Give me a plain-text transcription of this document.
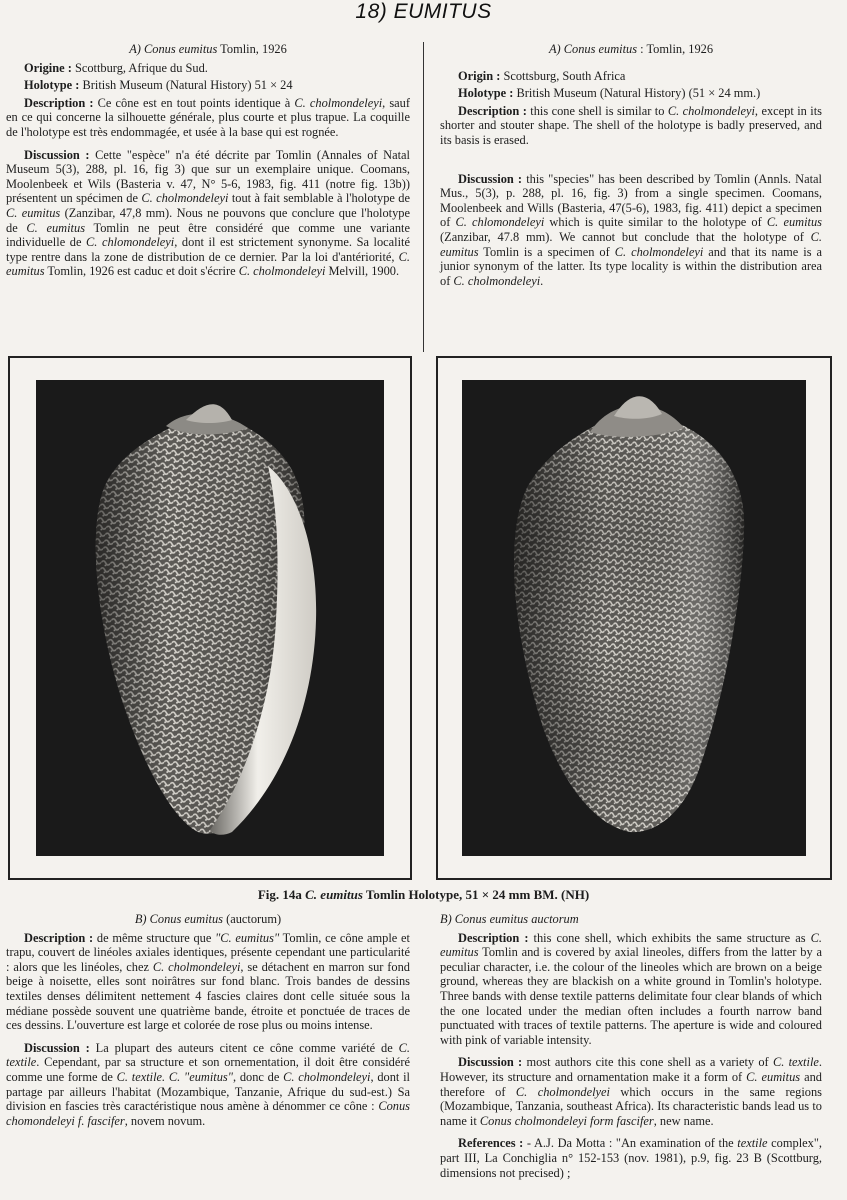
18) EUMITUS

A) Conus eumitus Tomlin, 1926

Origine : Scottburg, Afrique du Sud.

Holotype : British Museum (Natural History) 51 × 24

Description : Ce cône est en tout points identique à C. cholmondeleyi, sauf en ce qui concerne la silhouette générale, plus courte et plus trapue. La coquille de l'holotype est très endommagée, et usée à la base qui est rognée.

Discussion : Cette "espèce" n'a été décrite par Tomlin (Annales of Natal Museum 5(3), 288, pl. 16, fig 3) que sur un exemplaire unique. Coomans, Moolenbeek et Wils (Basteria v. 47, N° 5-6, 1983, fig. 411 (notre fig. 13b)) présentent un spécimen de C. cholmondeleyi tout à fait semblable à l'holotype de C. eumitus (Zanzibar, 47,8 mm). Nous ne pouvons que conclure que l'holotype de C. eumitus Tomlin ne peut être considéré que comme une variante individuelle de C. chlomondeleyi, dont il est strictement synonyme. Sa localité type rentre dans la zone de distribution de ce dernier. Par la loi d'antériorité, C. eumitus Tomlin, 1926 est caduc et doit s'écrire C. cholmondeleyi Melvill, 1900.

A) Conus eumitus : Tomlin, 1926

Origin : Scottsburg, South Africa

Holotype : British Museum (Natural History) (51 × 24 mm.)

Description : this cone shell is similar to C. cholmondeleyi, except in its shorter and stouter shape. The shell of the holotype is badly preserved, and its basis is erased.

Discussion : this "species" has been described by Tomlin (Annls. Natal Mus., 5(3), p. 288, pl. 16, fig. 3) from a single specimen. Coomans, Moolenbeek and Wills (Basteria, 47(5-6), 1983, fig. 411) depict a specimen of C. chlomondeleyi which is quite similar to the holotype of C. eumitus (Zanzibar, 47.8 mm). We cannot but conclude that the holotype of C. eumitus Tomlin is a specimen of C. cholmondeleyi and that its name is a junior synonym of the latter. Its type locality is within the distribution area of C. cholmondeleyi.

Fig. 14a C. eumitus Tomlin Holotype, 51 × 24 mm BM. (NH)

B) Conus eumitus (auctorum)

Description : de même structure que "C. eumitus" Tomlin, ce cône ample et trapu, couvert de linéoles axiales identiques, présente cependant une particularité : alors que les linéoles, chez C. cholmondeleyi, se détachent en marron sur fond beige à noisette, elles sont noirâtres sur fond blanc. Trois bandes de dessins textiles denses délimitent nettement 4 fascies claires dont celle située sous la médiane possède souvent une quatrième bande, étroite et ponctuée de traces de ces dessins. L'ouverture est large et colorée de rose plus ou moins intense.

Discussion : La plupart des auteurs citent ce cône comme variété de C. textile. Cependant, par sa structure et son ornementation, il doit être considéré comme une forme de C. textile. C. "eumitus", donc de C. cholmondeleyi, dont il partage par ailleurs l'habitat (Mozambique, Tanzanie, Afrique du sud-est.) Sa division en fascies très caractéristique nous amène à dénommer ce cône : Conus chomondeleyi f. fascifer, novem novum.

B) Conus eumitus auctorum

Description : this cone shell, which exhibits the same structure as C. eumitus Tomlin and is covered by axial lineoles, differs from the latter by a peculiar character, i.e. the colour of the lineoles which are brown on a beige ground, whereas they are blackish on a white ground in Tomlin's holotype. Three bands with dense textile patterns delimitate four clear blands of which the one located under the median often includes a fourth narrow band punctuated with traces of textile patterns. The aperture is wide and coloured with pink of variable intensity.

Discussion : most authors cite this cone shell as a variety of C. textile. However, its structure and ornamentation make it a form of C. eumitus and therefore of C. cholmondelyei which occurs in the same regions (Mozambique, Tanzania, southeast Africa). Its characteristic bands lead us to name it Conus cholmondeleyi form fascifer, new name.

References : - A.J. Da Motta : "An examination of the textile complex", part III, La Conchiglia n° 152-153 (nov. 1981), p.9, fig. 23 B (Scottburg, dimensions not precised) ;
